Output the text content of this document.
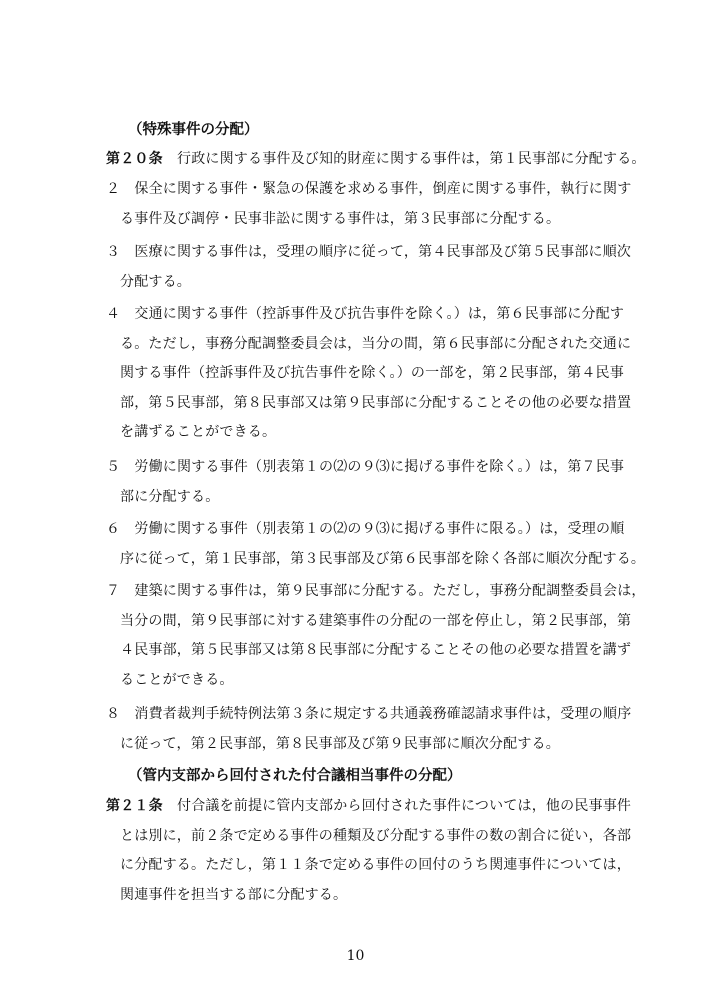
（特殊事件の分配）
第２０条　行政に関する事件及び知的財産に関する事件は，第１民事部に分配する。
２　保全に関する事件・緊急の保護を求める事件，倒産に関する事件，執行に関す
る事件及び調停・民事非訟に関する事件は，第３民事部に分配する。
３　医療に関する事件は，受理の順序に従って，第４民事部及び第５民事部に順次
分配する。
４　交通に関する事件（控訴事件及び抗告事件を除く。）は，第６民事部に分配す
る。ただし，事務分配調整委員会は，当分の間，第６民事部に分配された交通に
関する事件（控訴事件及び抗告事件を除く。）の一部を，第２民事部，第４民事
部，第５民事部，第８民事部又は第９民事部に分配することその他の必要な措置
を講ずることができる。
５　労働に関する事件（別表第１の⑵の９⑶に掲げる事件を除く。）は，第７民事
部に分配する。
６　労働に関する事件（別表第１の⑵の９⑶に掲げる事件に限る。）は，受理の順
序に従って，第１民事部，第３民事部及び第６民事部を除く各部に順次分配する。
７　建築に関する事件は，第９民事部に分配する。ただし，事務分配調整委員会は，
当分の間，第９民事部に対する建築事件の分配の一部を停止し，第２民事部，第
４民事部，第５民事部又は第８民事部に分配することその他の必要な措置を講ず
ることができる。
８　消費者裁判手続特例法第３条に規定する共通義務確認請求事件は，受理の順序
に従って，第２民事部，第８民事部及び第９民事部に順次分配する。
（管内支部から回付された付合議相当事件の分配）
第２１条　付合議を前提に管内支部から回付された事件については，他の民事事件
とは別に，前２条で定める事件の種類及び分配する事件の数の割合に従い，各部
に分配する。ただし，第１１条で定める事件の回付のうち関連事件については，
関連事件を担当する部に分配する。
10
